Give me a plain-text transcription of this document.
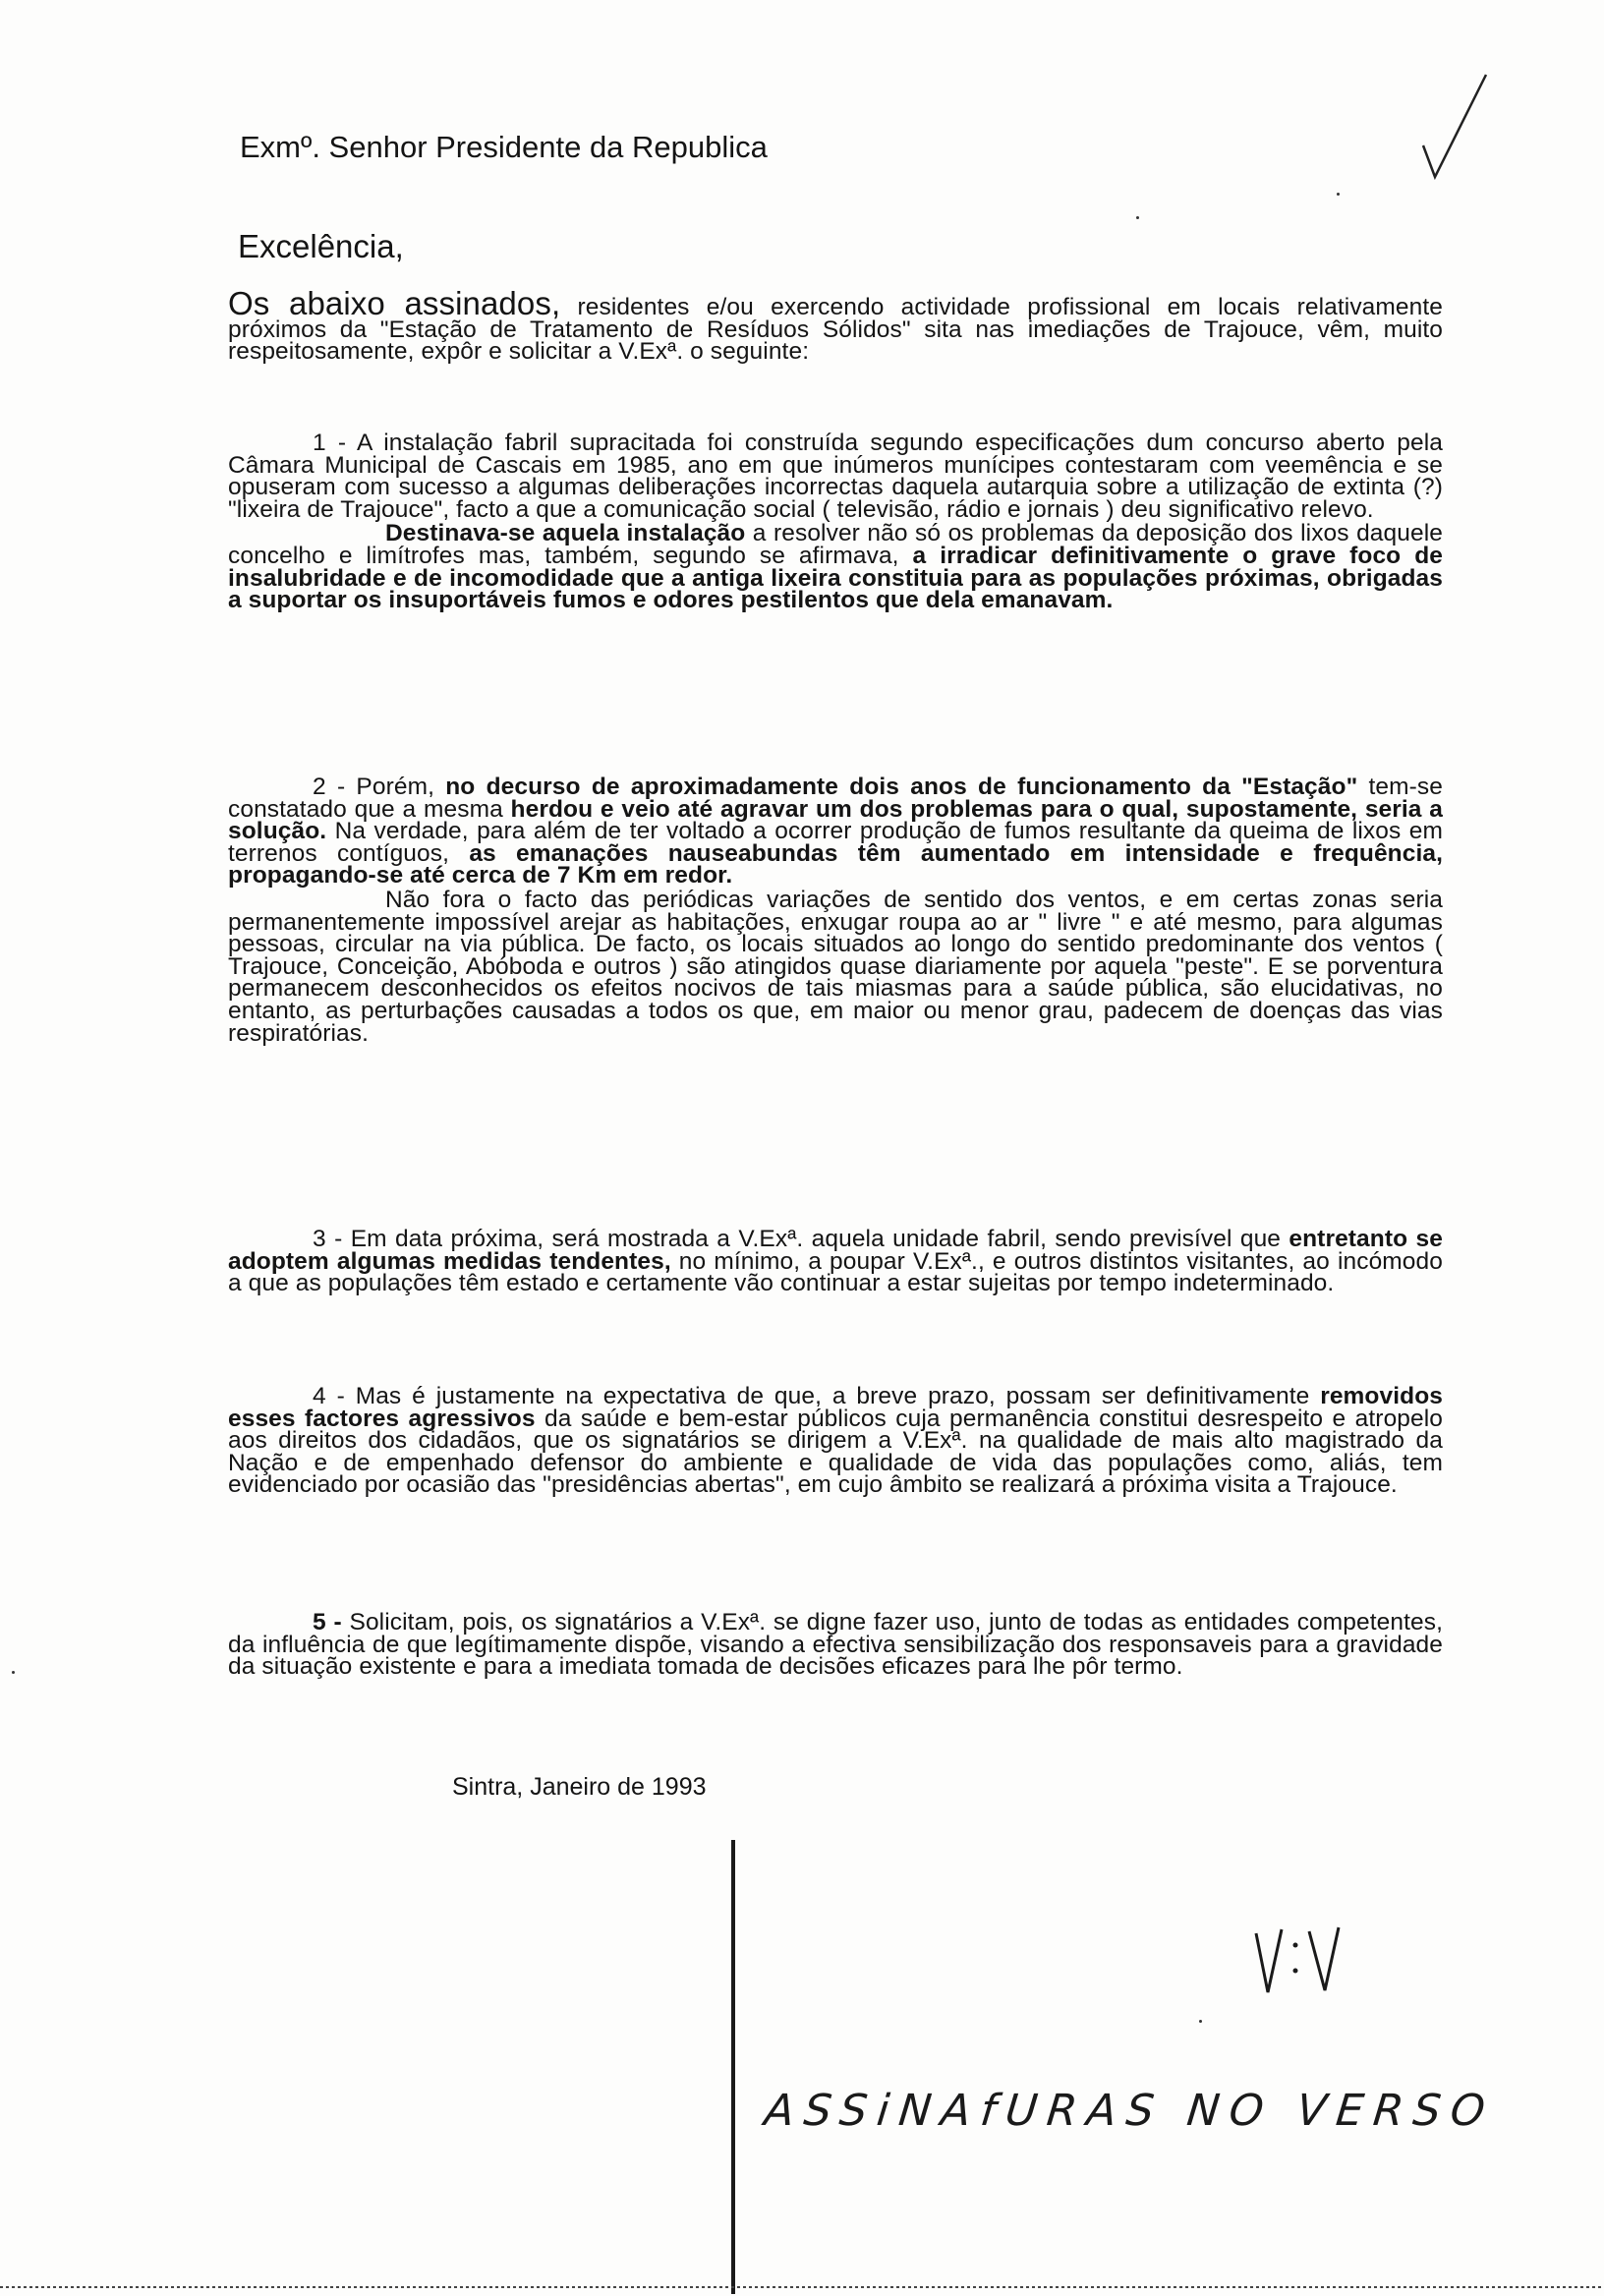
Exmº. Senhor Presidente da Republica
Excelência,

Os abaixo assinados, residentes e/ou exercendo actividade profissional em locais relativamente próximos da "Estação de Tratamento de Resíduos Sólidos" sita nas imediações de Trajouce, vêm, muito respeitosamente, expôr e solicitar a V.Exª. o seguinte:

1 - A instalação fabril supracitada foi construída segundo especificações dum concurso aberto pela Câmara Municipal de Cascais em 1985, ano em que inúmeros munícipes contestaram com veemência e se opuseram com sucesso a algumas deliberações incorrectas daquela autarquia sobre a utilização de extinta (?) "lixeira de Trajouce", facto a que a comunicação social ( televisão, rádio e jornais ) deu significativo relevo.

Destinava-se aquela instalação a resolver não só os problemas da deposição dos lixos daquele concelho e limítrofes mas, também, segundo se afirmava, a irradicar definitivamente o grave foco de insalubridade e de incomodidade que a antiga lixeira constituia para as populações próximas, obrigadas a suportar os insuportáveis fumos e odores pestilentos que dela emanavam.

2 - Porém, no decurso de aproximadamente dois anos de funcionamento da "Estação" tem-se constatado que a mesma herdou e veio até agravar um dos problemas para o qual, supostamente, seria a solução. Na verdade, para além de ter voltado a ocorrer produção de fumos resultante da queima de lixos em terrenos contíguos, as emanações nauseabundas têm aumentado em intensidade e frequência, propagando-se até cerca de 7 Km em redor.

Não fora o facto das periódicas variações de sentido dos ventos, e em certas zonas seria permanentemente impossível arejar as habitações, enxugar roupa ao ar " livre " e até mesmo, para algumas pessoas, circular na via pública. De facto, os locais situados ao longo do sentido predominante dos ventos ( Trajouce, Conceição, Abóboda e outros ) são atingidos quase diariamente por aquela "peste". E se porventura permanecem desconhecidos os efeitos nocivos de tais miasmas para a saúde pública, são elucidativas, no entanto, as perturbações causadas a todos os que, em maior ou menor grau, padecem de doenças das vias respiratórias.

3 - Em data próxima, será mostrada a V.Exª. aquela unidade fabril, sendo previsível que entretanto se adoptem algumas medidas tendentes, no mínimo, a poupar V.Exª., e outros distintos visitantes, ao incómodo a que as populações têm estado e certamente vão continuar a estar sujeitas por tempo indeterminado.

4 - Mas é justamente na expectativa de que, a breve prazo, possam ser definitivamente removidos esses factores agressivos da saúde e bem-estar públicos cuja permanência constitui desrespeito e atropelo aos direitos dos cidadãos, que os signatários se dirigem a V.Exª. na qualidade de mais alto magistrado da Nação e de empenhado defensor do ambiente e qualidade de vida das populações como, aliás, tem evidenciado por ocasião das "presidências abertas", em cujo âmbito se realizará a próxima visita a Trajouce.

5 - Solicitam, pois, os signatários a V.Exª. se digne fazer uso, junto de todas as entidades competentes, da influência de que legítimamente dispõe, visando a efectiva sensibilização dos responsaveis para a gravidade da situação existente e para a imediata tomada de decisões eficazes para lhe pôr termo.

Sintra, Janeiro de 1993
ASSiNAfURAS NO VERSO
